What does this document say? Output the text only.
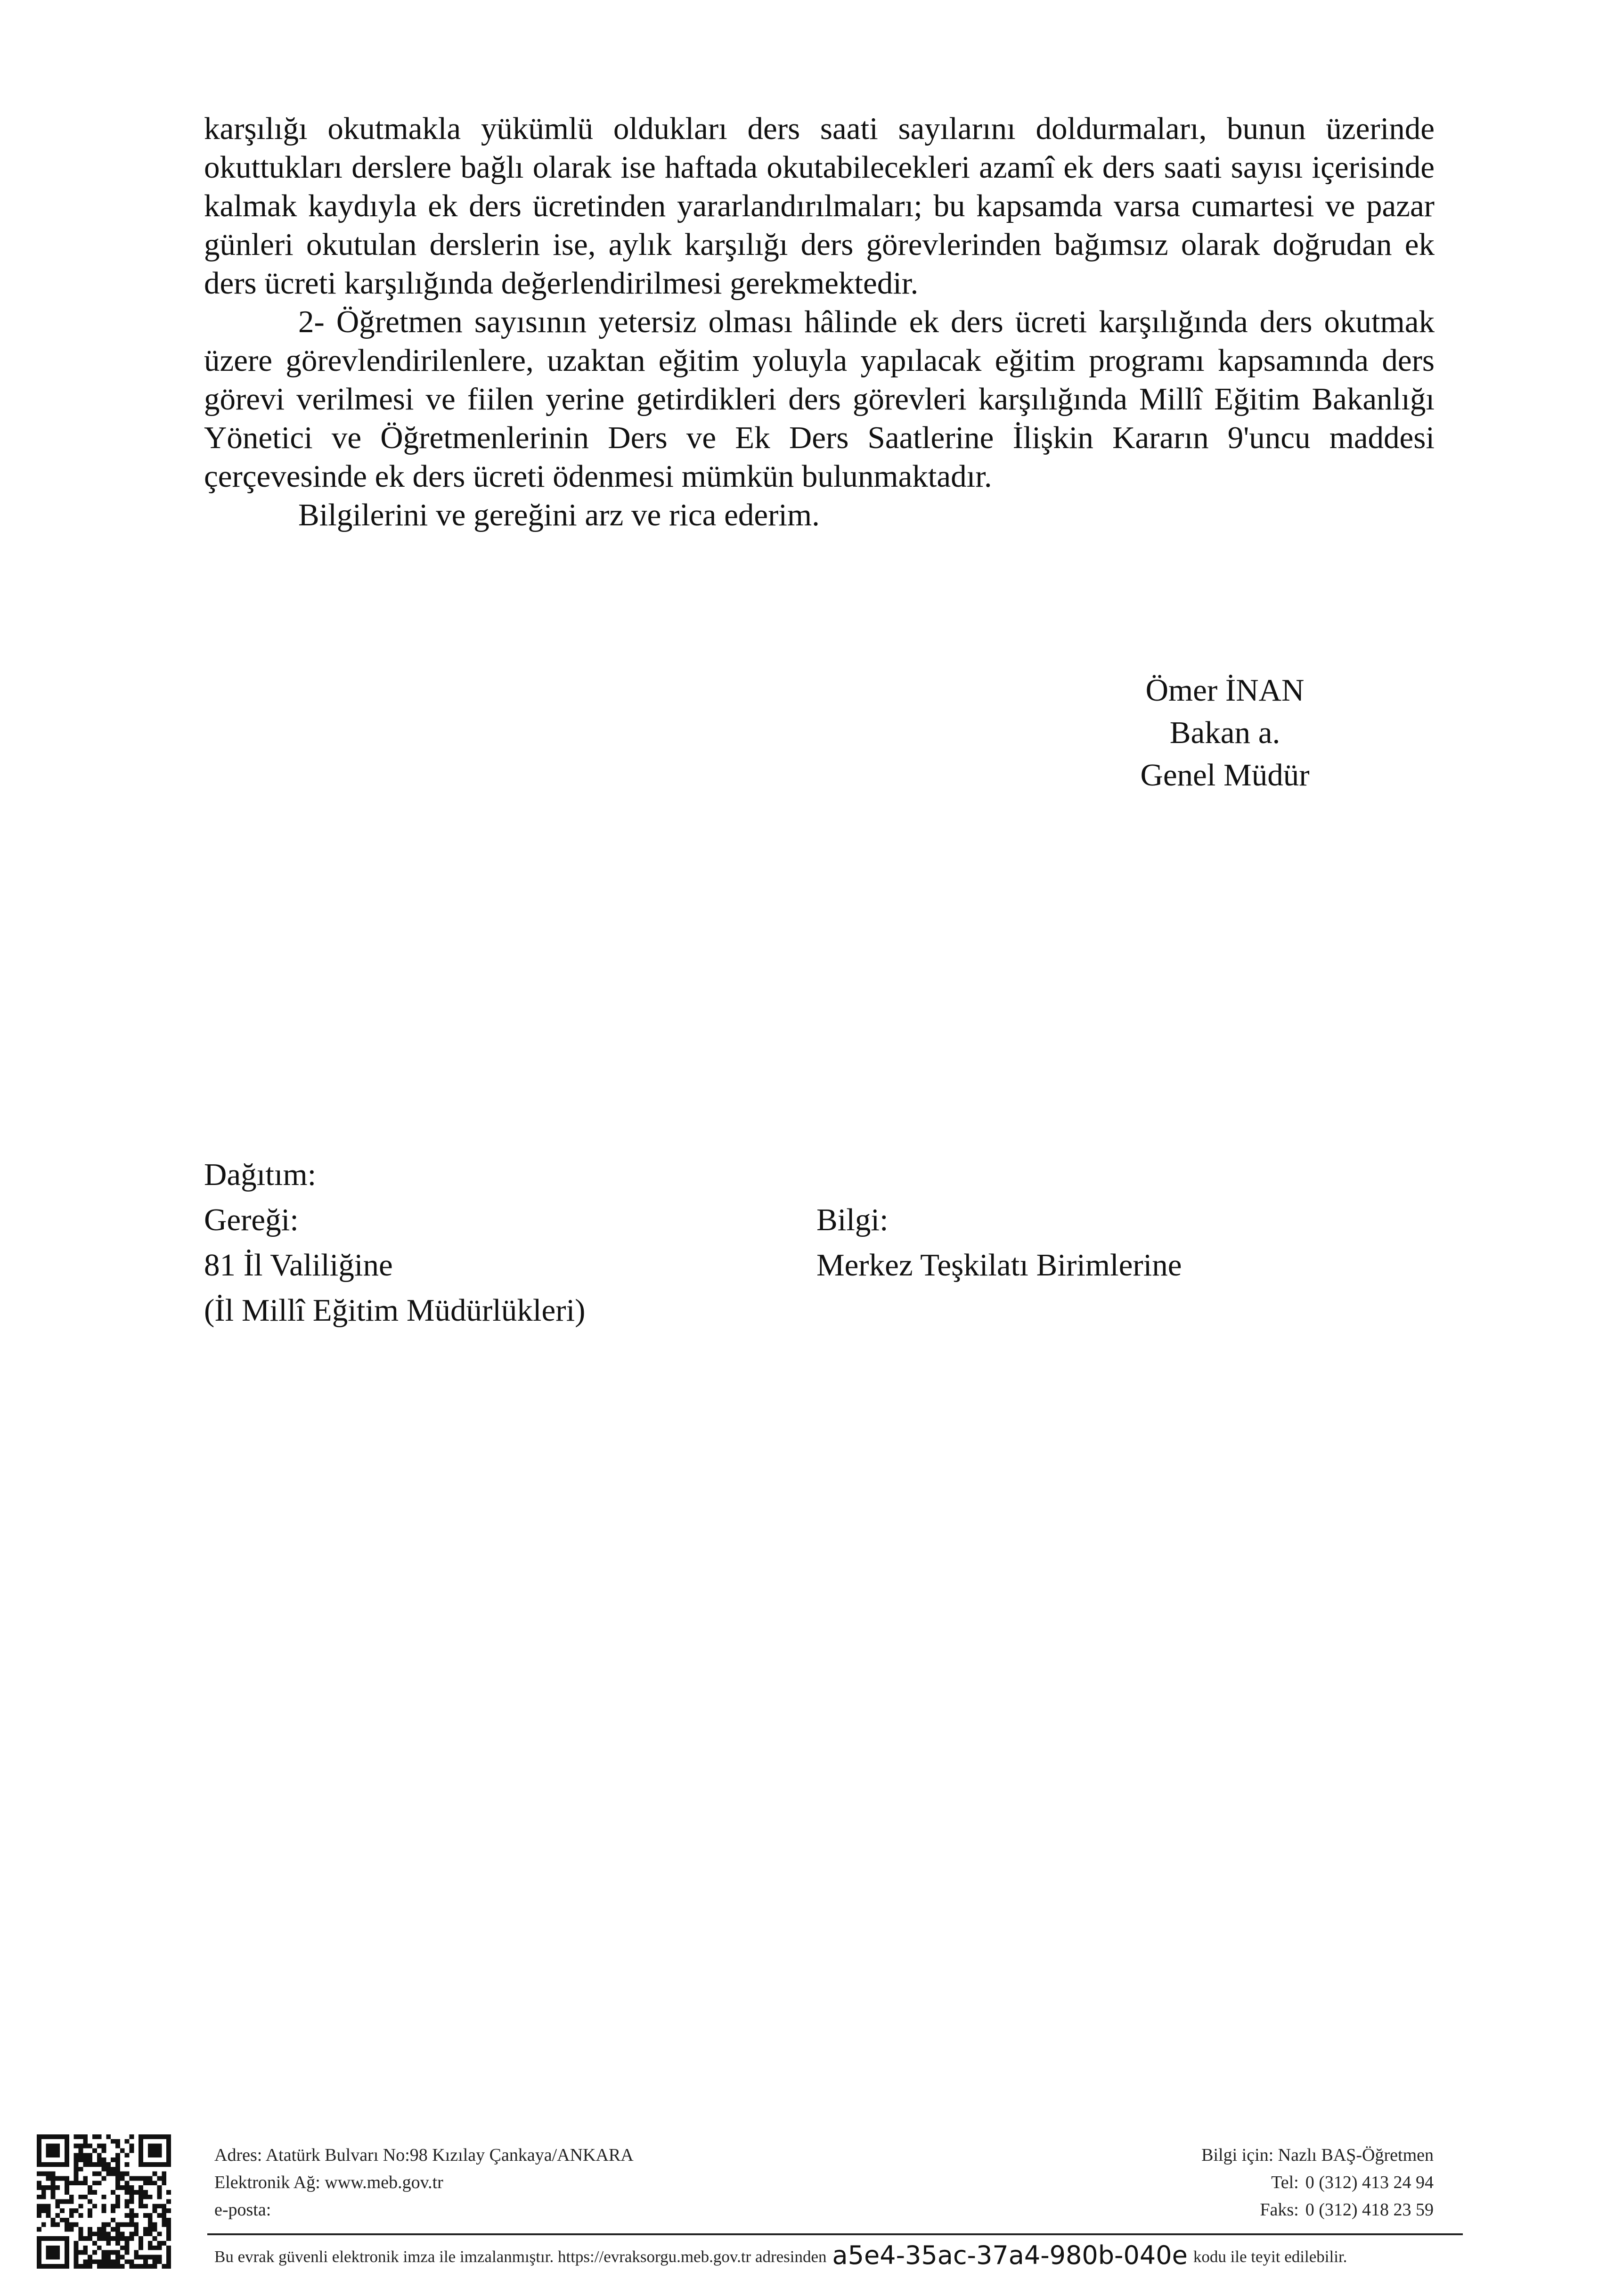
karşılığı okutmakla yükümlü oldukları ders saati sayılarını doldurmaları, bunun üzerinde okuttukları derslere bağlı olarak ise haftada okutabilecekleri azamî ek ders saati sayısı içerisinde kalmak kaydıyla ek ders ücretinden yararlandırılmaları; bu kapsamda varsa cumartesi ve pazar günleri okutulan derslerin ise, aylık karşılığı ders görevlerinden bağımsız olarak doğrudan ek ders ücreti karşılığında değerlendirilmesi gerekmektedir.

2- Öğretmen sayısının yetersiz olması hâlinde ek ders ücreti karşılığında ders okutmak üzere görevlendirilenlere, uzaktan eğitim yoluyla yapılacak eğitim programı kapsamında ders görevi verilmesi ve fiilen yerine getirdikleri ders görevleri karşılığında Millî Eğitim Bakanlığı Yönetici ve Öğretmenlerinin Ders ve Ek Ders Saatlerine İlişkin Kararın 9'uncu maddesi çerçevesinde ek ders ücreti ödenmesi mümkün bulunmaktadır.

Bilgilerini ve gereğini arz ve rica ederim.

Ömer İNAN
Bakan a.
Genel Müdür
Dağıtım:
Gereği:
81 İl Valiliğine
(İl Millî Eğitim Müdürlükleri)
Bilgi:
Merkez Teşkilatı Birimlerine
Adres: Atatürk Bulvarı No:98 Kızılay Çankaya/ANKARA
Elektronik Ağ: www.meb.gov.tr
e-posta:
Bilgi için: Nazlı BAŞ-Öğretmen
Tel: 0 (312) 413 24 94
Faks: 0 (312) 418 23 59
Bu evrak güvenli elektronik imza ile imzalanmıştır. https://evraksorgu.meb.gov.tr adresinden a5e4-35ac-37a4-980b-040e kodu ile teyit edilebilir.
